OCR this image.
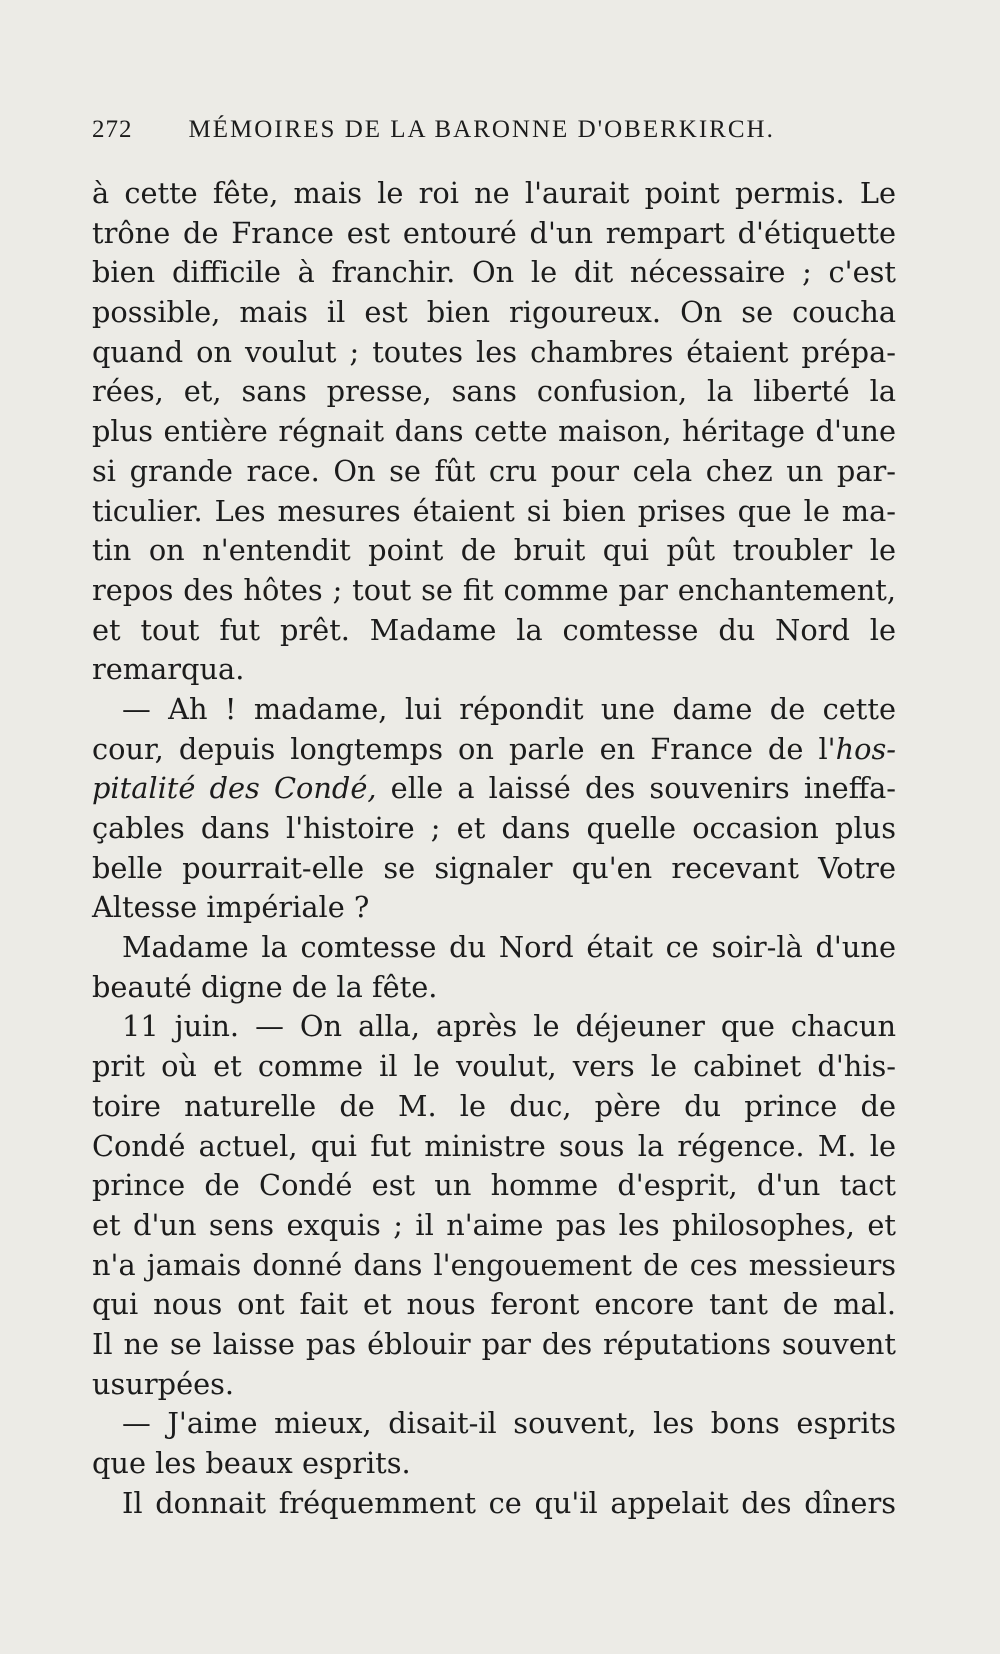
272 MÉMOIRES DE LA BARONNE D'OBERKIRCH.
à cette fête, mais le roi ne l'aurait point permis. Le
trône de France est entouré d'un rempart d'étiquette
bien difficile à franchir. On le dit nécessaire ; c'est
possible, mais il est bien rigoureux. On se coucha
quand on voulut ; toutes les chambres étaient prépa-
rées, et, sans presse, sans confusion, la liberté la
plus entière régnait dans cette maison, héritage d'une
si grande race. On se fût cru pour cela chez un par-
ticulier. Les mesures étaient si bien prises que le ma-
tin on n'entendit point de bruit qui pût troubler le
repos des hôtes ; tout se fit comme par enchantement,
et tout fut prêt. Madame la comtesse du Nord le
remarqua.
— Ah ! madame, lui répondit une dame de cette
cour, depuis longtemps on parle en France de l'hos-
pitalité des Condé, elle a laissé des souvenirs ineffa-
çables dans l'histoire ; et dans quelle occasion plus
belle pourrait-elle se signaler qu'en recevant Votre
Altesse impériale ?
Madame la comtesse du Nord était ce soir-là d'une
beauté digne de la fête.
11 juin. — On alla, après le déjeuner que chacun
prit où et comme il le voulut, vers le cabinet d'his-
toire naturelle de M. le duc, père du prince de
Condé actuel, qui fut ministre sous la régence. M. le
prince de Condé est un homme d'esprit, d'un tact
et d'un sens exquis ; il n'aime pas les philosophes, et
n'a jamais donné dans l'engouement de ces messieurs
qui nous ont fait et nous feront encore tant de mal.
Il ne se laisse pas éblouir par des réputations souvent
usurpées.
— J'aime mieux, disait-il souvent, les bons esprits
que les beaux esprits.
Il donnait fréquemment ce qu'il appelait des dîners
